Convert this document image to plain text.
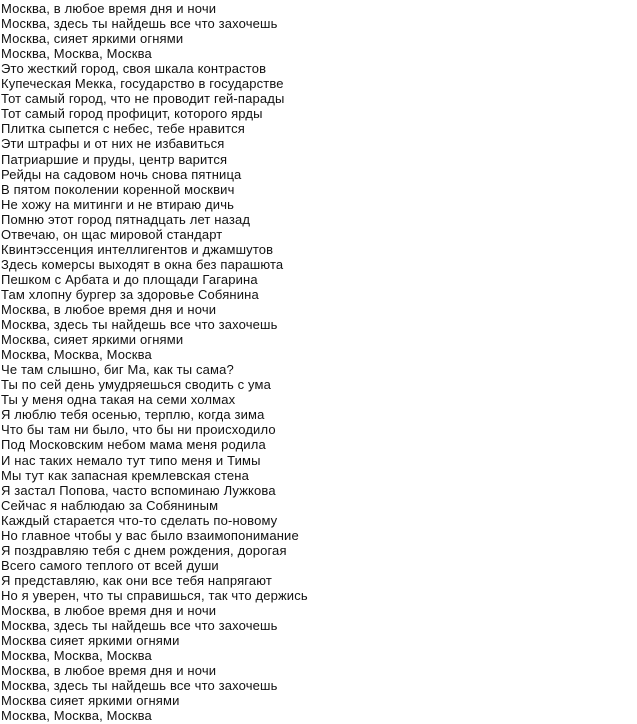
Москва, в любое время дня и ночи
Москва, здесь ты найдешь все что захочешь
Москва, сияет яркими огнями
Москва, Москва, Москва
Это жесткий город, своя шкала контрастов
Купеческая Мекка, государство в государстве
Тот самый город, что не проводит гей-парады
Тот самый город профицит, которого ярды
Плитка сыпется с небес, тебе нравится
Эти штрафы и от них не избавиться
Патриаршие и пруды, центр варится
Рейды на садовом ночь снова пятница
В пятом поколении коренной москвич
Не хожу на митинги и не втираю дичь
Помню этот город пятнадцать лет назад
Отвечаю, он щас мировой стандарт
Квинтэссенция интеллигентов и джамшутов
Здесь комерсы выходят в окна без парашюта
Пешком с Арбата и до площади Гагарина
Там хлопну бургер за здоровье Собянина
Москва, в любое время дня и ночи
Москва, здесь ты найдешь все что захочешь
Москва, сияет яркими огнями
Москва, Москва, Москва
Че там слышно, биг Ма, как ты сама?
Ты по сей день умудряешься сводить с ума
Ты у меня одна такая на семи холмах
Я люблю тебя осенью, терплю, когда зима
Что бы там ни было, что бы ни происходило
Под Московским небом мама меня родила
И нас таких немало тут типо меня и Тимы
Мы тут как запасная кремлевская стена
Я застал Попова, часто вспоминаю Лужкова
Сейчас я наблюдаю за Собяниным
Каждый старается что-то сделать по-новому
Но главное чтобы у вас было взаимопонимание
Я поздравляю тебя с днем рождения, дорогая
Всего самого теплого от всей души
Я представляю, как они все тебя напрягают
Но я уверен, что ты справишься, так что держись
Москва, в любое время дня и ночи
Москва, здесь ты найдешь все что захочешь
Москва сияет яркими огнями
Москва, Москва, Москва
Москва, в любое время дня и ночи
Москва, здесь ты найдешь все что захочешь
Москва сияет яркими огнями
Москва, Москва, Москва
